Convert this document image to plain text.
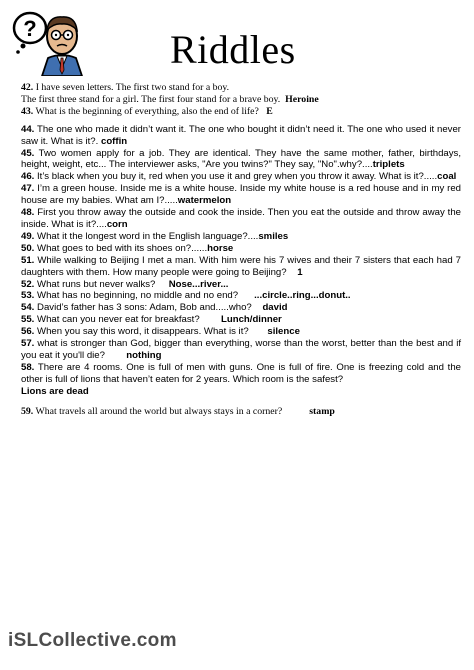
?	Riddles

42. I have seven letters. The first two stand for a boy.

The first three stand for a girl. The first four stand for a brave boy. Heroine

43. What is the beginning of everything, also the end of life? E

44. The one who made it didn’t want it. The one who bought it didn’t need it. The one who used it never saw it. What is it?. coffin

45. Two women apply for a job. They are identical. They have the same mother, father, birthdays, height, weight, etc... The interviewer asks, "Are you twins?" They say, "No".why?....triplets

46. It’s black when you buy it, red when you use it and grey when you throw it away. What is it?.....coal

47. I’m a green house. Inside me is a white house. Inside my white house is a red house and in my red house are my babies. What am I?.....watermelon

48. First you throw away the outside and cook the inside. Then you eat the outside and throw away the inside. What is it?....corn

49. What it the longest word in the English language?....smiles

50. What goes to bed with its shoes on?......horse

51. While walking to Beijing I met a man. With him were his 7 wives and their 7 sisters that each had 7 daughters with them. How many people were going to Beijing? 1

52. What runs but never walks? Nose...river...

53. What has no beginning, no middle and no end? ...circle..ring...donut..

54. David’s father has 3 sons: Adam, Bob and.....who? david

55. What can you never eat for breakfast? Lunch/dinner

56. When you say this word, it disappears. What is it? silence

57. what is stronger than God, bigger than everything, worse than the worst, better than the best and if you eat it you'll die? nothing

58. There are 4 rooms. One is full of men with guns. One is full of fire. One is freezing cold and the other is full of lions that haven’t eaten for 2 years. Which room is the safest?
Lions are dead

59. What travels all around the world but always stays in a corner?	stamp

iSLCollective.com
